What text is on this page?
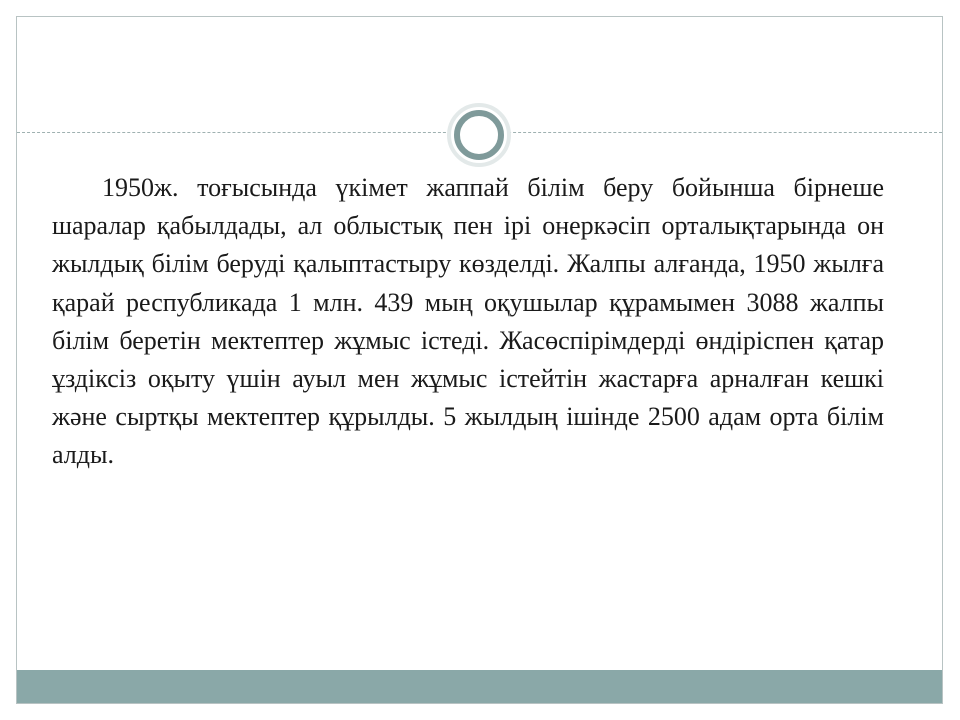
1950ж. тоғысында үкімет жаппай білім беру бойынша бірнеше шаралар қабылдады, ал облыстық пен ірі онеркәсіп орталықтарында он жылдық білім беруді қалыптастыру көзделді. Жалпы алғанда, 1950 жылға қарай республикада 1 млн. 439 мың оқушылар құрамымен 3088 жалпы білім беретін мектептер жұмыс істеді. Жасөспірімдерді өндіріспен қатар ұздіксіз оқыту үшін ауыл мен жұмыс істейтін жастарға арналған кешкі және сыртқы мектептер құрылды. 5 жылдың ішінде 2500 адам орта білім алды.
